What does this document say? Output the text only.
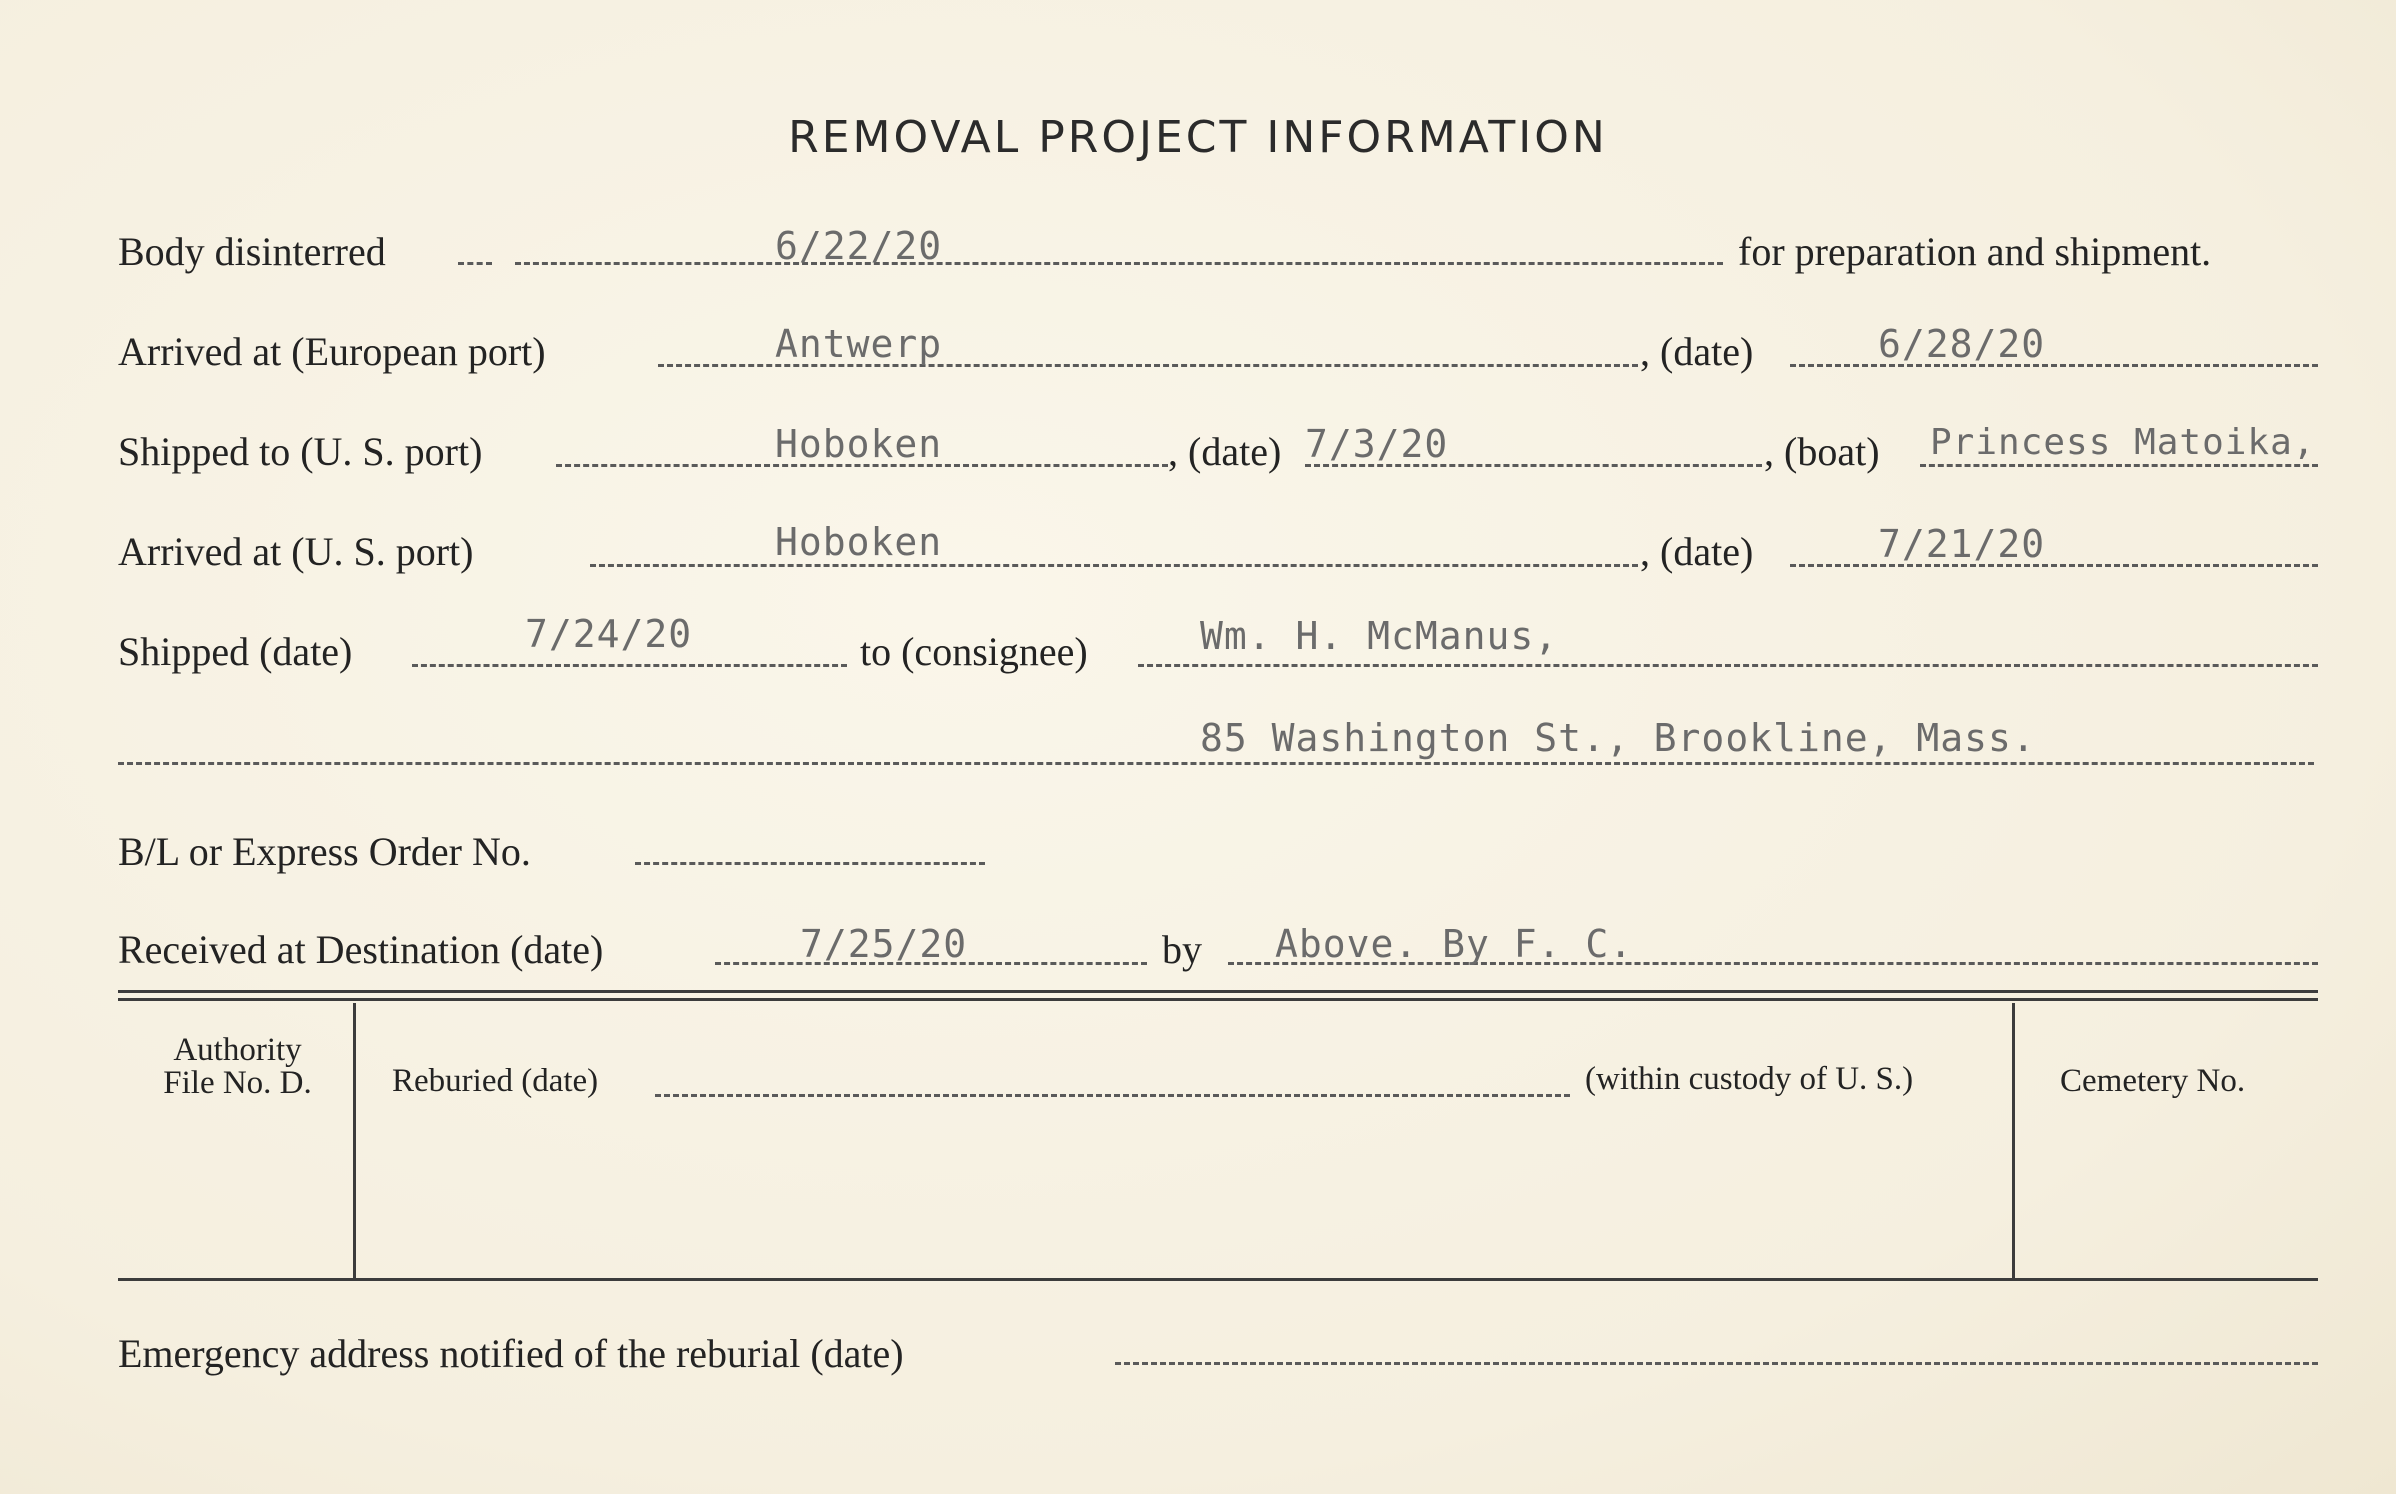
REMOVAL PROJECT INFORMATION
Body disinterred	6/22/20	for preparation and shipment.
Arrived at (European port)	Antwerp	, (date)	6/28/20
Shipped to (U. S. port)	Hoboken	, (date) 7/3/20	, (boat) Princess Matoika,
Arrived at (U. S. port)	Hoboken	, (date)	7/21/20
Shipped (date)	7/24/20	to (consignee)	Wm. H. McManus,
85 Washington St., Brookline, Mass.
B/L or Express Order No.
Received at Destination (date)	7/25/20	by Above. By F. C.
Authority
File No. D.	Reburied (date)	(within custody of U. S.)	Cemetery No.
Emergency address notified of the reburial (date)
